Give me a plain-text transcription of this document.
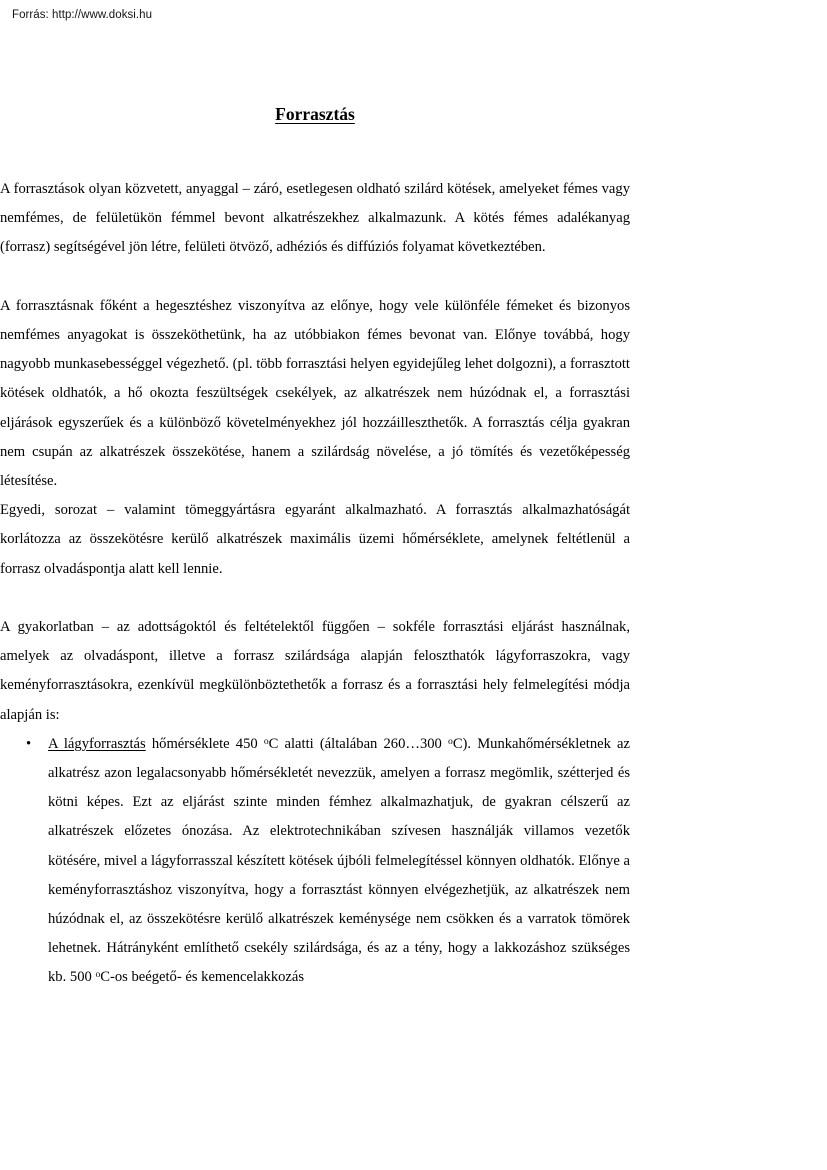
Forrás: http://www.doksi.hu
Forrasztás

A forrasztások olyan közvetett, anyaggal – záró, esetlegesen oldható szilárd kötések, amelyeket fémes vagy nemfémes, de felületükön fémmel bevont alkatrészekhez alkalmazunk. A kötés fémes adalékanyag (forrasz) segítségével jön létre, felületi ötvöző, adhéziós és diffúziós folyamat következtében.

A forrasztásnak főként a hegesztéshez viszonyítva az előnye, hogy vele különféle fémeket és bizonyos nemfémes anyagokat is összeköthetünk, ha az utóbbiakon fémes bevonat van. Előnye továbbá, hogy nagyobb munkasebességgel végezhető. (pl. több forrasztási helyen egyidejűleg lehet dolgozni), a forrasztott kötések oldhatók, a hő okozta feszültségek csekélyek, az alkatrészek nem húzódnak el, a forrasztási eljárások egyszerűek és a különböző követelményekhez jól hozzáilleszthetők. A forrasztás célja gyakran nem csupán az alkatrészek összekötése, hanem a szilárdság növelése, a jó tömítés és vezetőképesség létesítése.

Egyedi, sorozat – valamint tömeggyártásra egyaránt alkalmazható. A forrasztás alkalmazhatóságát korlátozza az összekötésre kerülő alkatrészek maximális üzemi hőmérséklete, amelynek feltétlenül a forrasz olvadáspontja alatt kell lennie.

A gyakorlatban – az adottságoktól és feltételektől függően – sokféle forrasztási eljárást használnak, amelyek az olvadáspont, illetve a forrasz szilárdsága alapján feloszthatók lágyforraszokra, vagy keményforrasztásokra, ezenkívül megkülönböztethetők a forrasz és a forrasztási hely felmelegítési módja alapján is:

• A lágyforrasztás hőmérséklete 450 $^o$C alatti (általában 260…300 $^o$C). Munkahőmérsékletnek az alkatrész azon legalacsonyabb hőmérsékletét nevezzük, amelyen a forrasz megömlik, szétterjed és kötni képes. Ezt az eljárást szinte minden fémhez alkalmazhatjuk, de gyakran célszerű az alkatrészek előzetes ónozása. Az elektrotechnikában szívesen használják villamos vezetők kötésére, mivel a lágyforrasszal készített kötések újbóli felmelegítéssel könnyen oldhatók. Előnye a keményforrasztáshoz viszonyítva, hogy a forrasztást könnyen elvégezhetjük, az alkatrészek nem húzódnak el, az összekötésre kerülő alkatrészek keménysége nem csökken és a varratok tömörek lehetnek. Hátrányként említhető csekély szilárdsága, és az a tény, hogy a lakkozáshoz szükséges kb. 500 $^o$C-os beégető- és kemencelakkozás
